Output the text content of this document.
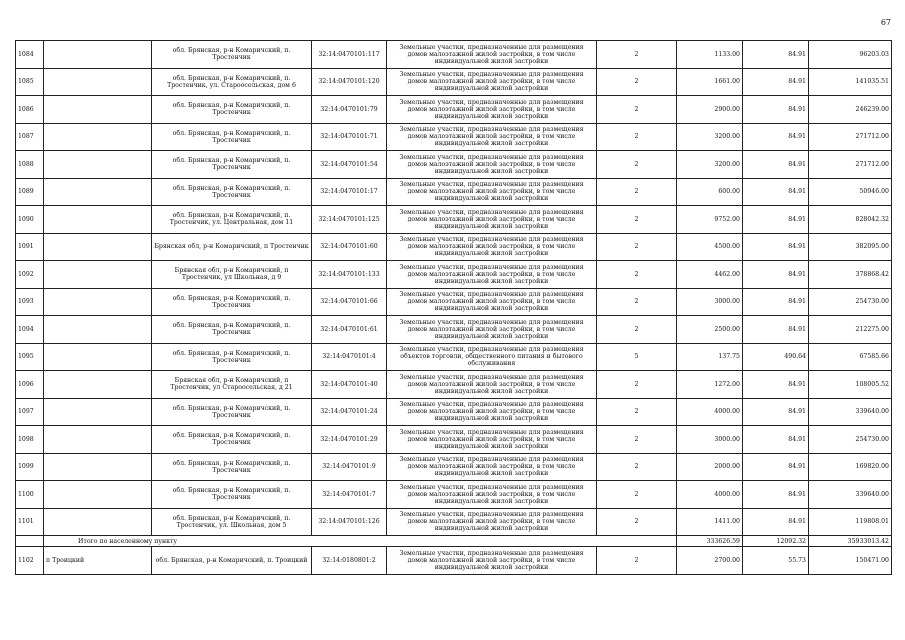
67
1084		обл. Брянская, р-н Комаричский, п. Тростенчик	32:14:0470101:117	Земельные участки, предназначенные для размещения домов малоэтажной жилой застройки, в том числе индивидуальной жилой застройки	2	1133.00	84.91	96203.03
1085		обл. Брянская, р-н Комаричский, п. Тростенчик, ул. Староосельская, дом 6	32:14:0470101:120	Земельные участки, предназначенные для размещения домов малоэтажной жилой застройки, в том числе индивидуальной жилой застройки	2	1661.00	84.91	141035.51
1086		обл. Брянская, р-н Комаричский, п. Тростенчик	32:14:0470101:79	Земельные участки, предназначенные для размещения домов малоэтажной жилой застройки, в том числе индивидуальной жилой застройки	2	2900.00	84.91	246239.00
1087		обл. Брянская, р-н Комаричский, п. Тростенчик	32:14:0470101:71	Земельные участки, предназначенные для размещения домов малоэтажной жилой застройки, в том числе индивидуальной жилой застройки	2	3200.00	84.91	271712.00
1088		обл. Брянская, р-н Комаричский, п. Тростенчик	32:14:0470101:54	Земельные участки, предназначенные для размещения домов малоэтажной жилой застройки, в том числе индивидуальной жилой застройки	2	3200.00	84.91	271712.00
1089		обл. Брянская, р-н Комаричский, п. Тростенчик	32:14:0470101:17	Земельные участки, предназначенные для размещения домов малоэтажной жилой застройки, в том числе индивидуальной жилой застройки	2	600.00	84.91	50946.00
1090		обл. Брянская, р-н Комаричский, п. Тростенчик, ул. Центральная, дом 11	32:14:0470101:125	Земельные участки, предназначенные для размещения домов малоэтажной жилой застройки, в том числе индивидуальной жилой застройки	2	9752.00	84.91	828042.32
1091		Брянская обл, р-н Комаричский, п Тростенчик	32:14:0470101:60	Земельные участки, предназначенные для размещения домов малоэтажной жилой застройки, в том числе индивидуальной жилой застройки	2	4500.00	84.91	382095.00
1092		Брянская обл, р-н Комаричский, п Тростенчик, ул Школьная, д 9	32:14:0470101:133	Земельные участки, предназначенные для размещения домов малоэтажной жилой застройки, в том числе индивидуальной жилой застройки	2	4462.00	84.91	378868.42
1093		обл. Брянская, р-н Комаричский, п. Тростенчик	32:14:0470101:66	Земельные участки, предназначенные для размещения домов малоэтажной жилой застройки, в том числе индивидуальной жилой застройки	2	3000.00	84.91	254730.00
1094		обл. Брянская, р-н Комаричский, п. Тростенчик	32:14:0470101:61	Земельные участки, предназначенные для размещения домов малоэтажной жилой застройки, в том числе индивидуальной жилой застройки	2	2500.00	84.91	212275.00
1095		обл. Брянская, р-н Комаричский, п. Тростенчик	32:14:0470101:4	Земельные участки, предназначенные для размещения объектов торговли, общественного питания и бытового обслуживания	5	137.75	490.64	67585.66
1096		Брянская обл, р-н Комаричский, п Тростенчик, ул Староосельская, д 21	32:14:0470101:40	Земельные участки, предназначенные для размещения домов малоэтажной жилой застройки, в том числе индивидуальной жилой застройки	2	1272.00	84.91	108005.52
1097		обл. Брянская, р-н Комаричский, п. Тростенчик	32:14:0470101:24	Земельные участки, предназначенные для размещения домов малоэтажной жилой застройки, в том числе индивидуальной жилой застройки	2	4000.00	84.91	339640.00
1098		обл. Брянская, р-н Комаричский, п. Тростенчик	32:14:0470101:29	Земельные участки, предназначенные для размещения домов малоэтажной жилой застройки, в том числе индивидуальной жилой застройки	2	3000.00	84.91	254730.00
1099		обл. Брянская, р-н Комаричский, п. Тростенчик	32:14:0470101:9	Земельные участки, предназначенные для размещения домов малоэтажной жилой застройки, в том числе индивидуальной жилой застройки	2	2000.00	84.91	169820.00
1100		обл. Брянская, р-н Комаричский, п. Тростенчик	32:14:0470101:7	Земельные участки, предназначенные для размещения домов малоэтажной жилой застройки, в том числе индивидуальной жилой застройки	2	4000.00	84.91	339640.00
1101		обл. Брянская, р-н Комаричский, п. Тростенчик, ул. Школьная, дом 5	32:14:0470101:126	Земельные участки, предназначенные для размещения домов малоэтажной жилой застройки, в том числе индивидуальной жилой застройки	2	1411.00	84.91	119808.01
	Итого по населенному пункту					333626.59	12092.32	35933013.42
1102	п Троицкий	обл. Брянская, р-н Комаричский, п. Троицкий	32:14:0180801:2	Земельные участки, предназначенные для размещения домов малоэтажной жилой застройки, в том числе индивидуальной жилой застройки	2	2700.00	55.73	150471.00
